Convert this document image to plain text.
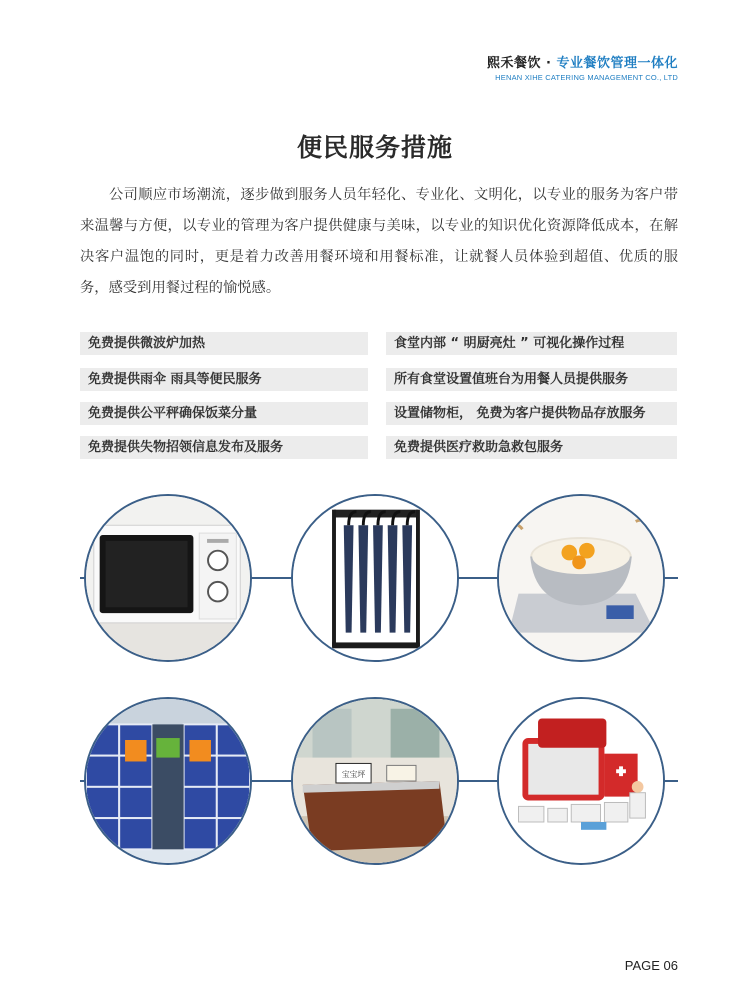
熙禾餐饮 · 专业餐饮管理一体化
HENAN XIHE CATERING MANAGEMENT CO., LTD
便民服务措施
公司顺应市场潮流，逐步做到服务人员年轻化、专业化、文明化，以专业的服务为客户带来温馨与方便，以专业的管理为客户提供健康与美味，以专业的知识优化资源降低成本，在解决客户温饱的同时，更是着力改善用餐环境和用餐标准，让就餐人员体验到超值、优质的服务，感受到用餐过程的愉悦感。
免费提供微波炉加热
免费提供雨伞 雨具等便民服务
免费提供公平秤确保饭菜分量
免费提供失物招领信息发布及服务
食堂内部 “ 明厨亮灶 ” 可视化操作过程
所有食堂设置值班台为用餐人员提供服务
设置储物柜， 免费为客户提供物品存放服务
免费提供医疗救助急救包服务
宝宝坪
PAGE 06
